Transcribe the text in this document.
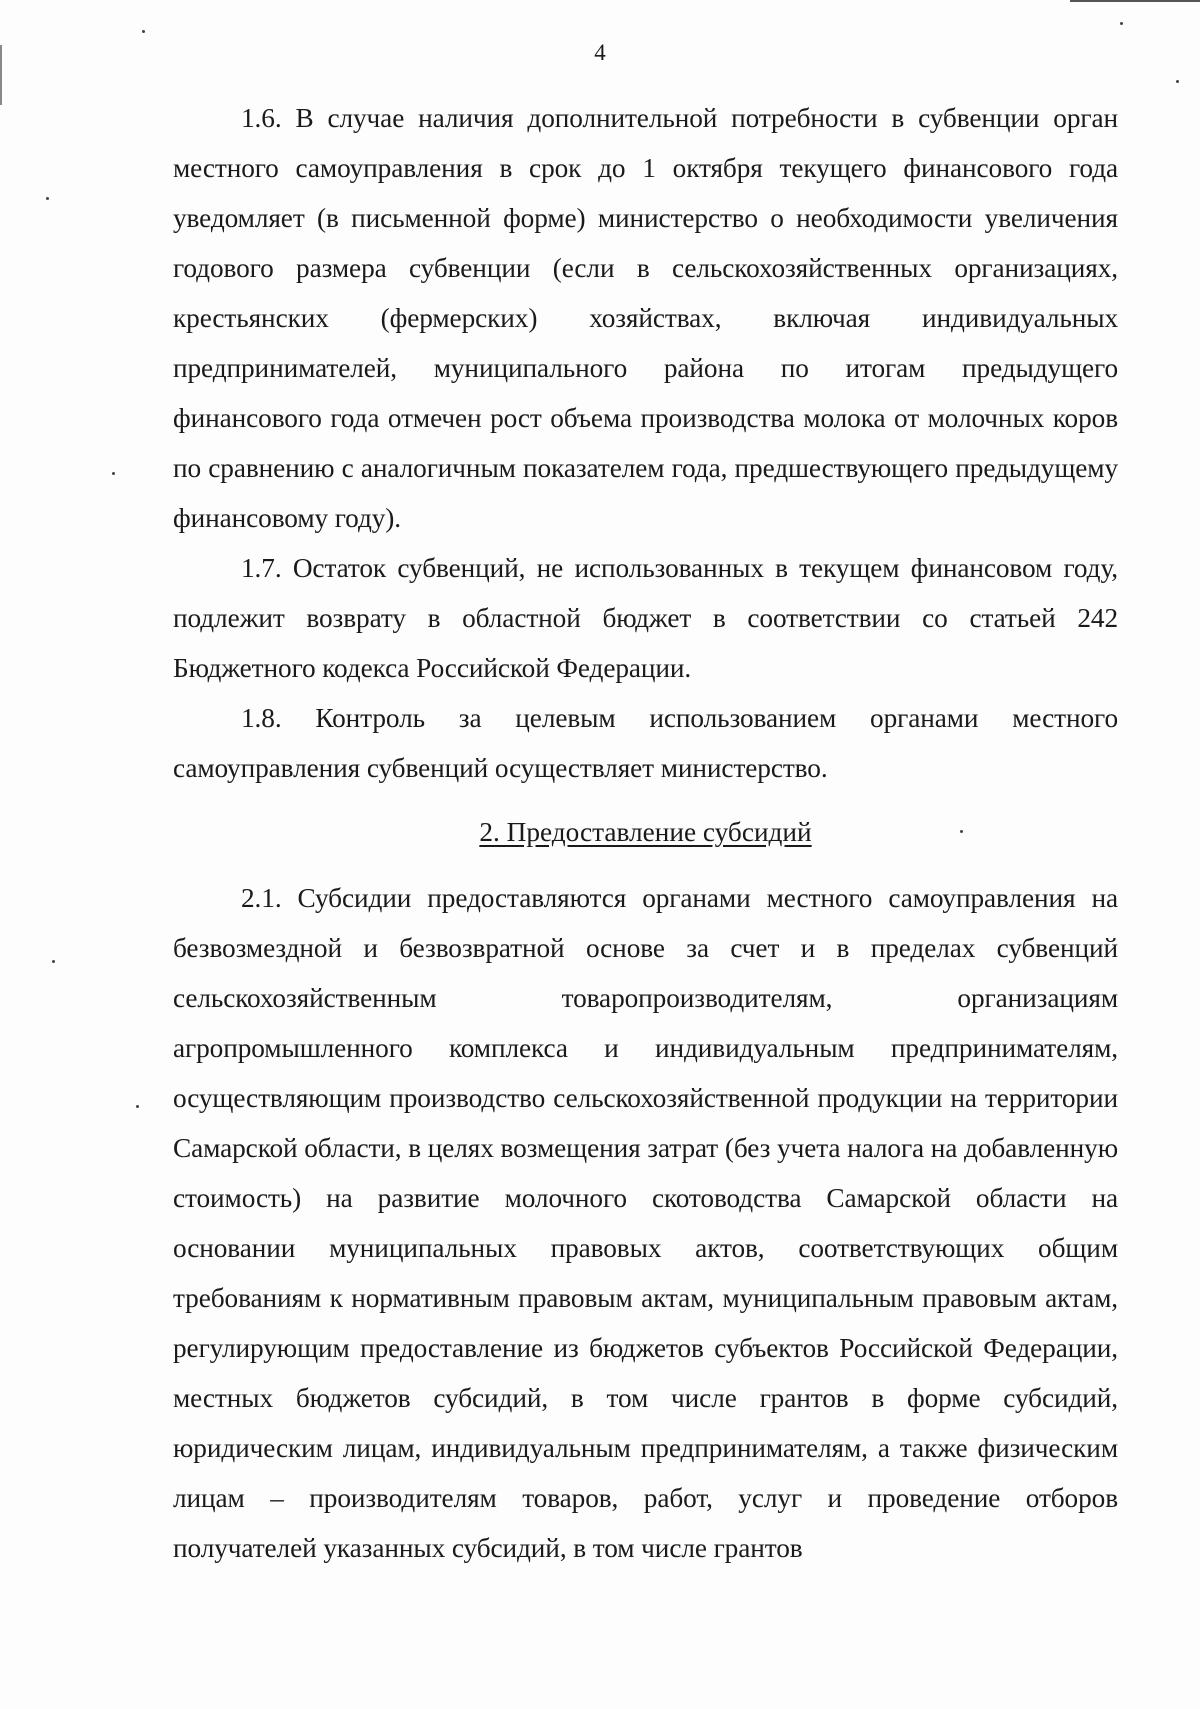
4

1.6. В случае наличия дополнительной потребности в субвенции орган местного самоуправления в срок до 1 октября текущего финансового года уведомляет (в письменной форме) министерство о необходимости увеличения годового размера субвенции (если в сельскохозяйственных организациях, крестьянских (фермерских) хозяйствах, включая индивидуальных предпринимателей, муниципального района по итогам предыдущего финансового года отмечен рост объема производства молока от молочных коров по сравнению с аналогичным показателем года, предшествующего предыдущему финансовому году).

1.7. Остаток субвенций, не использованных в текущем финансовом году, подлежит возврату в областной бюджет в соответствии со статьей 242 Бюджетного кодекса Российской Федерации.

1.8. Контроль за целевым использованием органами местного самоуправления субвенций осуществляет министерство.

2. Предоставление субсидий

2.1. Субсидии предоставляются органами местного самоуправления на безвозмездной и безвозвратной основе за счет и в пределах субвенций сельскохозяйственным товаропроизводителям, организациям агропромышленного комплекса и индивидуальным предпринимателям, осуществляющим производство сельскохозяйственной продукции на территории Самарской области, в целях возмещения затрат (без учета налога на добавленную стоимость) на развитие молочного скотоводства Самарской области на основании муниципальных правовых актов, соответствующих общим требованиям к нормативным правовым актам, муниципальным правовым актам, регулирующим предоставление из бюджетов субъектов Российской Федерации, местных бюджетов субсидий, в том числе грантов в форме субсидий, юридическим лицам, индивидуальным предпринимателям, а также физическим лицам – производителям товаров, работ, услуг и проведение отборов получателей указанных субсидий, в том числе грантов
